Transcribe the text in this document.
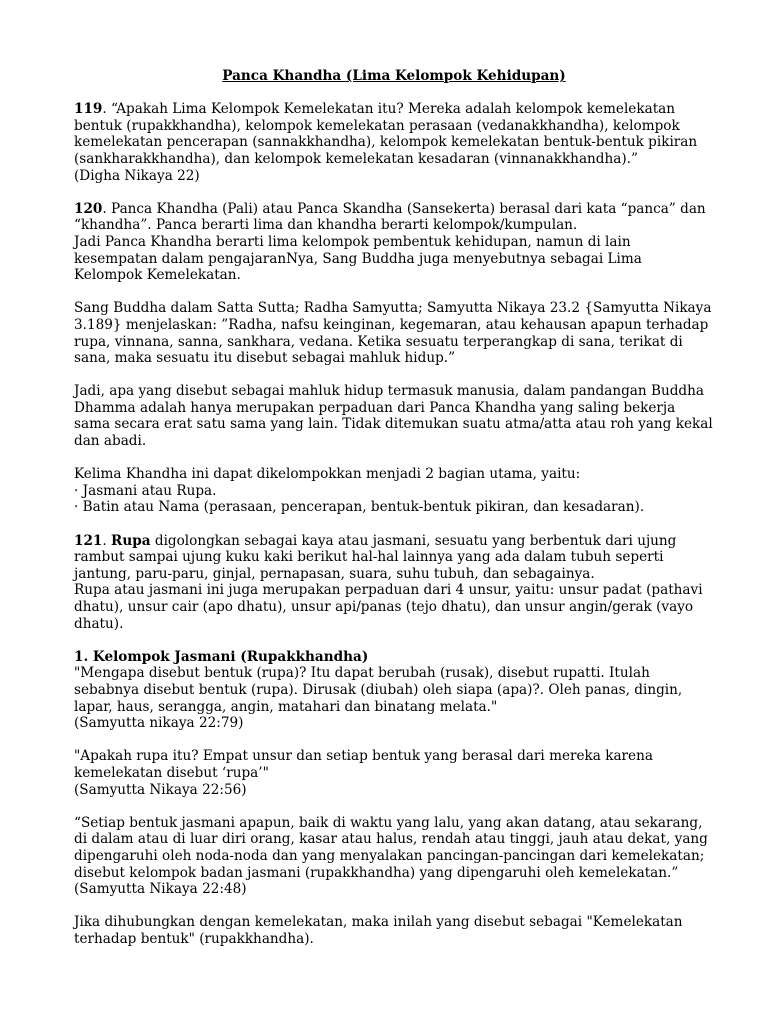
Panca Khandha (Lima Kelompok Kehidupan)

119. “Apakah Lima Kelompok Kemelekatan itu? Mereka adalah kelompok kemelekatan bentuk (rupakkhandha), kelompok kemelekatan perasaan (vedanakkhandha), kelompok kemelekatan pencerapan (sannakkhandha), kelompok kemelekatan bentuk-bentuk pikiran (sankharakkhandha), dan kelompok kemelekatan kesadaran (vinnanakkhandha).”
(Digha Nikaya 22)

120. Panca Khandha (Pali) atau Panca Skandha (Sansekerta) berasal dari kata “panca” dan “khandha”. Panca berarti lima dan khandha berarti kelompok/kumpulan.
Jadi Panca Khandha berarti lima kelompok pembentuk kehidupan, namun di lain kesempatan dalam pengajaranNya, Sang Buddha juga menyebutnya sebagai Lima Kelompok Kemelekatan.

Sang Buddha dalam Satta Sutta; Radha Samyutta; Samyutta Nikaya 23.2 {Samyutta Nikaya 3.189} menjelaskan: ”Radha, nafsu keinginan, kegemaran, atau kehausan apapun terhadap rupa, vinnana, sanna, sankhara, vedana. Ketika sesuatu terperangkap di sana, terikat di sana, maka sesuatu itu disebut sebagai mahluk hidup.”

Jadi, apa yang disebut sebagai mahluk hidup termasuk manusia, dalam pandangan Buddha Dhamma adalah hanya merupakan perpaduan dari Panca Khandha yang saling bekerja sama secara erat satu sama yang lain. Tidak ditemukan suatu atma/atta atau roh yang kekal dan abadi.

Kelima Khandha ini dapat dikelompokkan menjadi 2 bagian utama, yaitu:
· Jasmani atau Rupa.
· Batin atau Nama (perasaan, pencerapan, bentuk-bentuk pikiran, dan kesadaran).

121. Rupa digolongkan sebagai kaya atau jasmani, sesuatu yang berbentuk dari ujung rambut sampai ujung kuku kaki berikut hal-hal lainnya yang ada dalam tubuh seperti jantung, paru-paru, ginjal, pernapasan, suara, suhu tubuh, dan sebagainya.
Rupa atau jasmani ini juga merupakan perpaduan dari 4 unsur, yaitu: unsur padat (pathavi dhatu), unsur cair (apo dhatu), unsur api/panas (tejo dhatu), dan unsur angin/gerak (vayo dhatu).

1. Kelompok Jasmani (Rupakkhandha)
"Mengapa disebut bentuk (rupa)? Itu dapat berubah (rusak), disebut rupatti. Itulah sebabnya disebut bentuk (rupa). Dirusak (diubah) oleh siapa (apa)?. Oleh panas, dingin, lapar, haus, serangga, angin, matahari dan binatang melata."
(Samyutta nikaya 22:79)

"Apakah rupa itu? Empat unsur dan setiap bentuk yang berasal dari mereka karena kemelekatan disebut ‘rupa’"
(Samyutta Nikaya 22:56)

“Setiap bentuk jasmani apapun, baik di waktu yang lalu, yang akan datang, atau sekarang, di dalam atau di luar diri orang, kasar atau halus, rendah atau tinggi, jauh atau dekat, yang dipengaruhi oleh noda-noda dan yang menyalakan pancingan-pancingan dari kemelekatan; disebut kelompok badan jasmani (rupakkhandha) yang dipengaruhi oleh kemelekatan.”
(Samyutta Nikaya 22:48)

Jika dihubungkan dengan kemelekatan, maka inilah yang disebut sebagai "Kemelekatan terhadap bentuk" (rupakkhandha).
